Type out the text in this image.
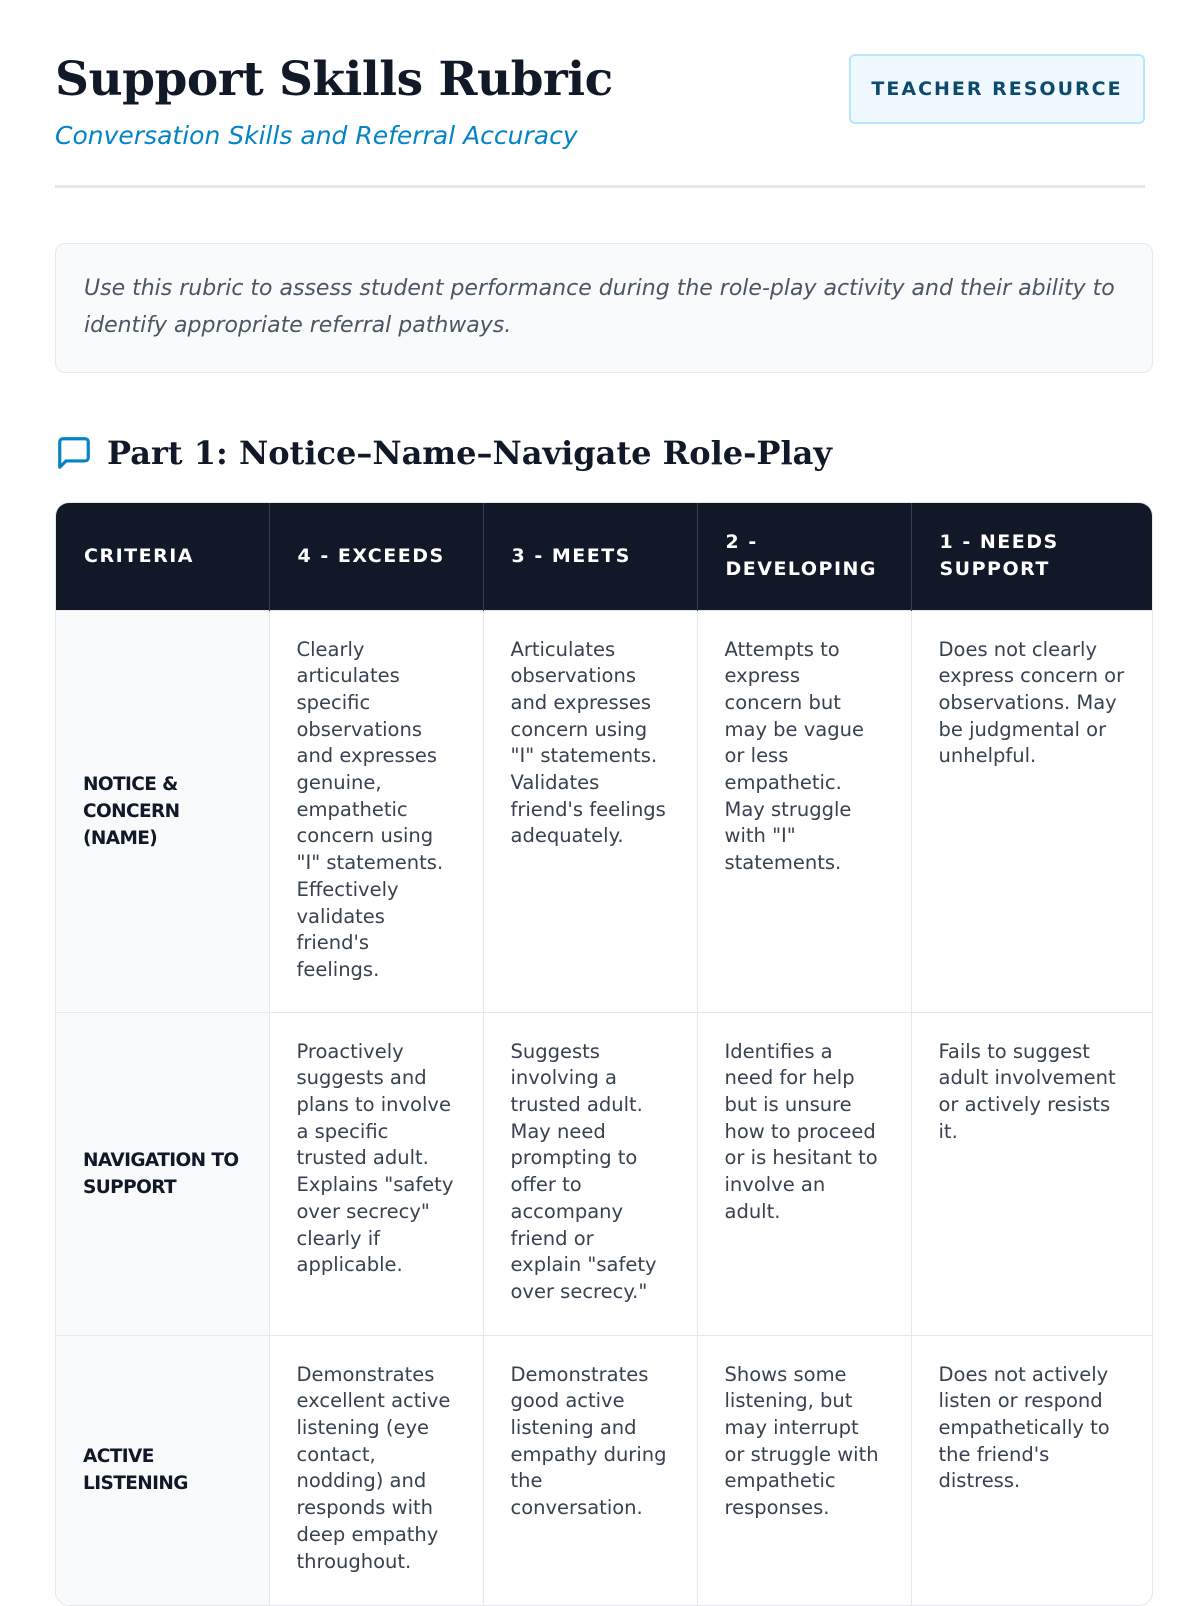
Support Skills Rubric

Conversation Skills and Referral Accuracy

TEACHER RESOURCE
Use this rubric to assess student performance during the role-play activity and their ability to identify appropriate referral pathways.
Part 1: Notice–Name–Navigate Role-Play
CRITERIA	4 - EXCEEDS	3 - MEETS	2 - DEVELOPING	1 - NEEDS SUPPORT
NOTICE & CONCERN (NAME)	Clearly articulates specific observations and expresses genuine, empathetic concern using "I" statements. Effectively validates friend's feelings.	Articulates observations and expresses concern using "I" statements. Validates friend's feelings adequately.	Attempts to express concern but may be vague or less empathetic. May struggle with "I" statements.	Does not clearly express concern or observations. May be judgmental or unhelpful.
NAVIGATION TO SUPPORT	Proactively suggests and plans to involve a specific trusted adult. Explains "safety over secrecy" clearly if applicable.	Suggests involving a trusted adult. May need prompting to offer to accompany friend or explain "safety over secrecy."	Identifies a need for help but is unsure how to proceed or is hesitant to involve an adult.	Fails to suggest adult involvement or actively resists it.
ACTIVE LISTENING	Demonstrates excellent active listening (eye contact, nodding) and responds with deep empathy throughout.	Demonstrates good active listening and empathy during the conversation.	Shows some listening, but may interrupt or struggle with empathetic responses.	Does not actively listen or respond empathetically to the friend's distress.
